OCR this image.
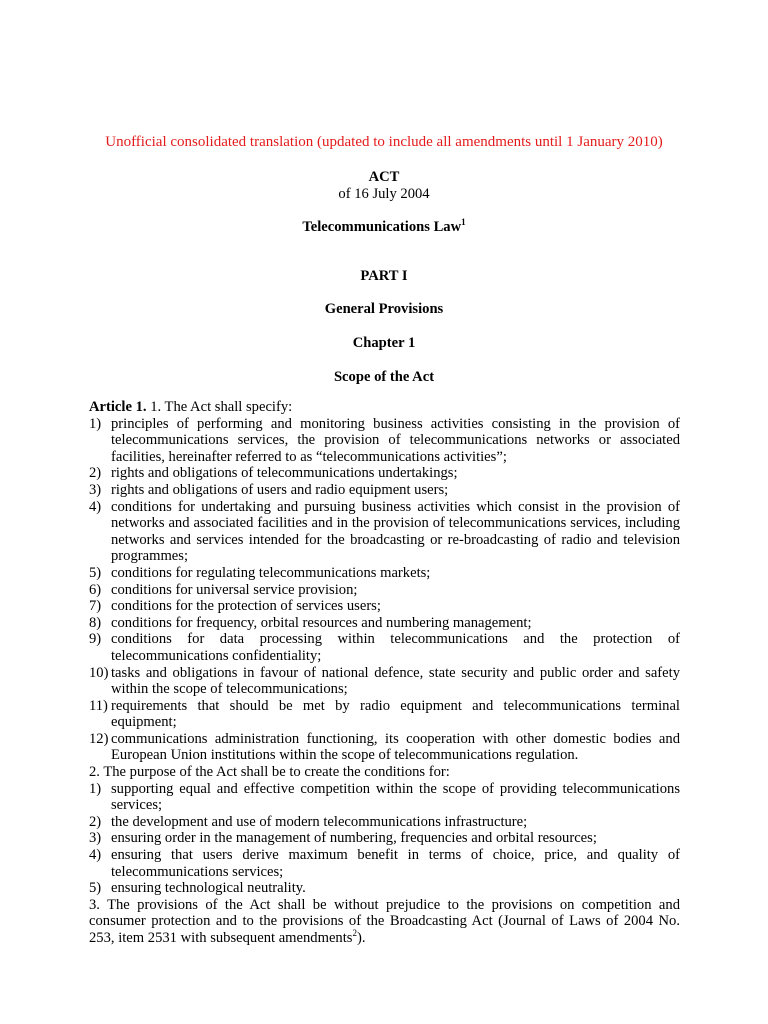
Unofficial consolidated translation (updated to include all amendments until 1 January 2010)
ACT
of 16 July 2004
Telecommunications Law$^1$
PART I
General Provisions
Chapter 1
Scope of the Act

Article 1. 1. The Act shall specify:

1) principles of performing and monitoring business activities consisting in the provision of telecommunications services, the provision of telecommunications networks or associated facilities, hereinafter referred to as “telecommunications activities”;
2) rights and obligations of telecommunications undertakings;
3) rights and obligations of users and radio equipment users;
4) conditions for undertaking and pursuing business activities which consist in the provision of networks and associated facilities and in the provision of telecommunications services, including networks and services intended for the broadcasting or re-broadcasting of radio and television programmes;
5) conditions for regulating telecommunications markets;
6) conditions for universal service provision;
7) conditions for the protection of services users;
8) conditions for frequency, orbital resources and numbering management;
9) conditions for data processing within telecommunications and the protection of telecommunications confidentiality;
10) tasks and obligations in favour of national defence, state security and public order and safety within the scope of telecommunications;
11) requirements that should be met by radio equipment and telecommunications terminal equipment;
12) communications administration functioning, its cooperation with other domestic bodies and European Union institutions within the scope of telecommunications regulation.

2. The purpose of the Act shall be to create the conditions for:

1) supporting equal and effective competition within the scope of providing telecommunications services;
2) the development and use of modern telecommunications infrastructure;
3) ensuring order in the management of numbering, frequencies and orbital resources;
4) ensuring that users derive maximum benefit in terms of choice, price, and quality of telecommunications services;
5) ensuring technological neutrality.

3. The provisions of the Act shall be without prejudice to the provisions on competition and consumer protection and to the provisions of the Broadcasting Act (Journal of Laws of 2004 No. 253, item 2531 with subsequent amendments$^2$).
